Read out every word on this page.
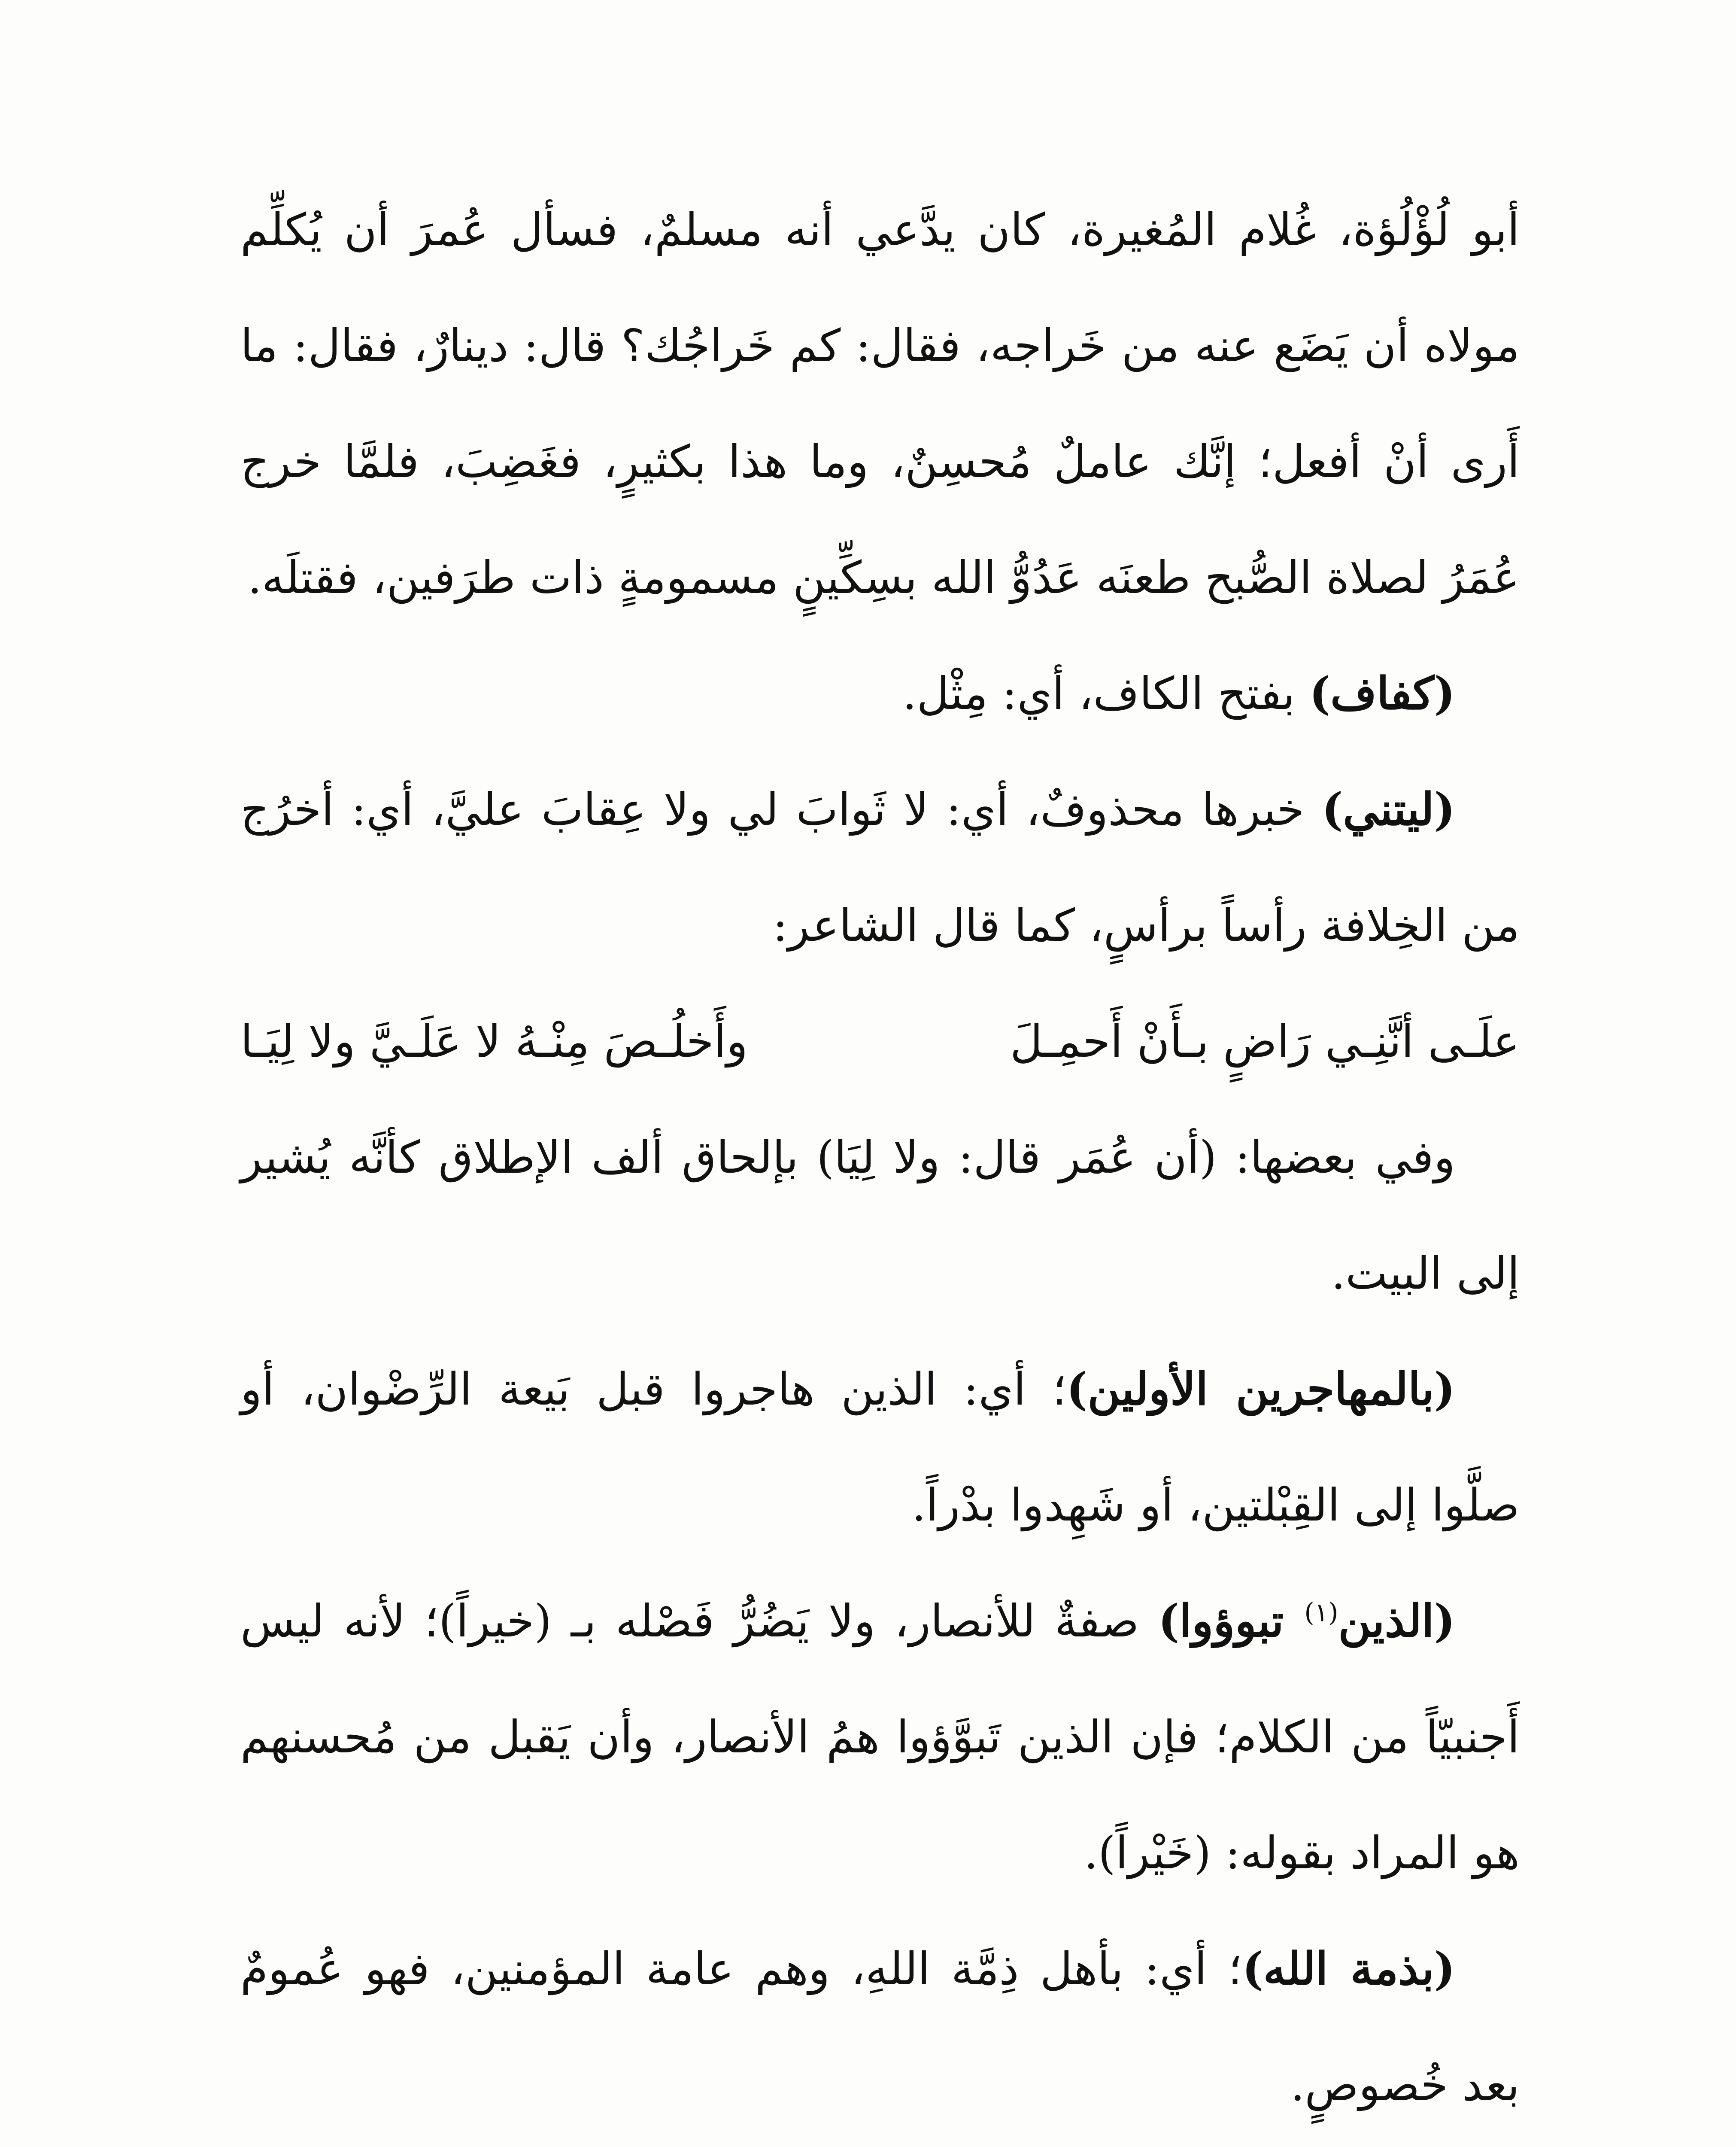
أبو لُؤْلُؤة، غُلام المُغيرة، كان يدَّعي أنه مسلمٌ، فسأل عُمرَ أن يُكلِّم مولاه أن يَضَع عنه من خَراجه، فقال: كم خَراجُك؟ قال: دينارٌ، فقال: ما أَرى أنْ أفعل؛ إنَّك عاملٌ مُحسِنٌ، وما هذا بكثيرٍ، فغَضِبَ، فلمَّا خرج عُمَرُ لصلاة الصُّبح طعنَه عَدُوُّ الله بسِكِّينٍ مسمومةٍ ذات طرَفين، فقتلَه.

(كفاف) بفتح الكاف، أي: مِثْل.

(ليتني) خبرها محذوفٌ، أي: لا ثَوابَ لي ولا عِقابَ عليَّ، أي: أخرُج من الخِلافة رأساً برأسٍ، كما قال الشاعر:

علَـى أنَّنِـي رَاضٍ بـأَنْ أَحمِـلَ
وأَخلُـصَ مِنْـهُ لا عَلَـيَّ ولا لِيَـا

وفي بعضها: (أن عُمَر قال: ولا لِيَا) بإلحاق ألف الإطلاق كأنَّه يُشير إلى البيت.

(بالمهاجرين الأولين)؛ أي: الذين هاجروا قبل بَيعة الرِّضْوان، أو صلَّوا إلى القِبْلتين، أو شَهِدوا بدْراً.

(الذين$^{(١)}$ تبوؤوا) صفةٌ للأنصار، ولا يَضُرُّ فَصْله بـ (خيراً)؛ لأنه ليس أَجنبيّاً من الكلام؛ فإن الذين تَبوَّؤوا همُ الأنصار، وأن يَقبل من مُحسنهم هو المراد بقوله: (خَيْراً).

(بذمة الله)؛ أي: بأهل ذِمَّة اللهِ، وهم عامة المؤمنين، فهو عُمومٌ بعد خُصوصٍ.
